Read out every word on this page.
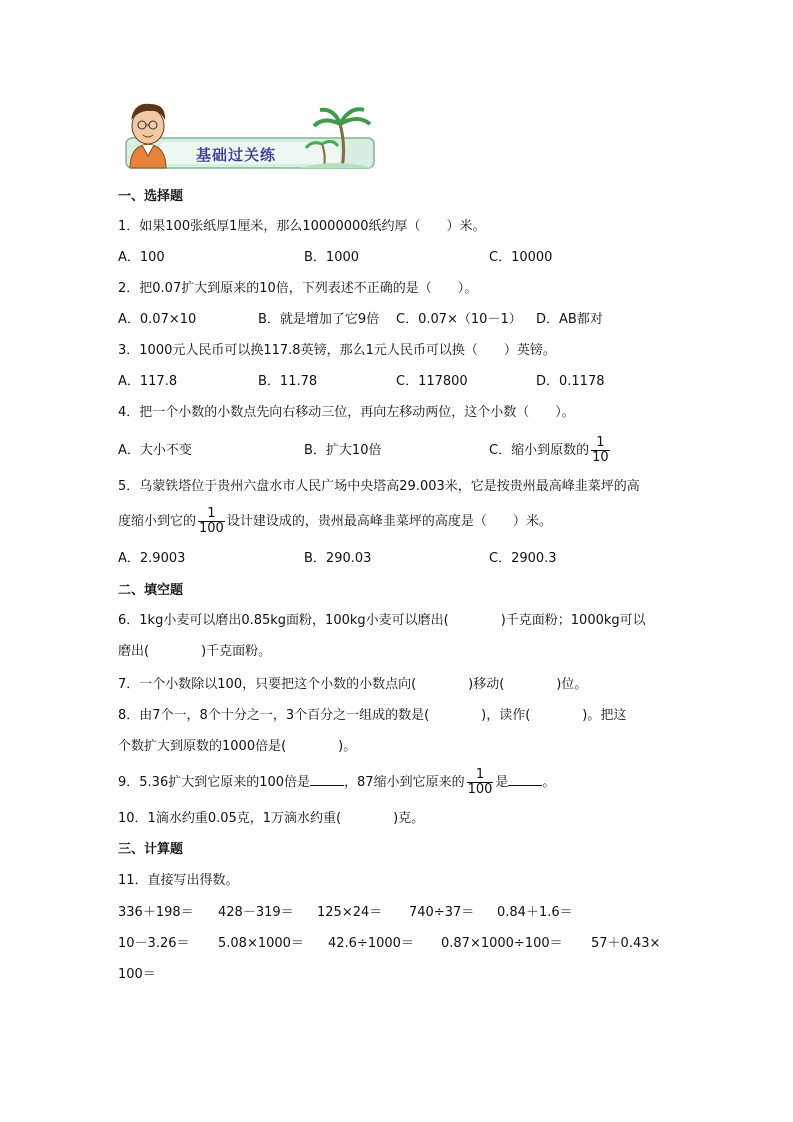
基础过关练
一、选择题
1．如果100张纸厚1厘米，那么10000000纸约厚（　　）米。
A．100	B．1000	C．10000
2．把0.07扩大到原来的10倍，下列表述不正确的是（　　）。
A．0.07×10	B．就是增加了它9倍 C．0.07×（10－1） D．AB都对
3．1000元人民币可以换117.8英镑，那么1元人民币可以换（　　）英镑。
A．117.8	B．11.78	C．117800	D．0.1178
4．把一个小数的小数点先向右移动三位，再向左移动两位，这个小数（　　）。
A．大小不变	B．扩大10倍	C．缩小到原数的 $\frac{1}{10}$
5．乌蒙铁塔位于贵州六盘水市人民广场中央塔高29.003米，它是按贵州最高峰韭菜坪的高
度缩小到它的 $\frac{1}{100}$ 设计建设成的，贵州最高峰韭菜坪的高度是（　　）米。
A．2.9003	B．290.03	C．2900.3
二、填空题
6．1kg小麦可以磨出0.85kg面粉，100kg小麦可以磨出(　　　　)千克面粉；1000kg可以
磨出(　　　　)千克面粉。
7．一个小数除以100，只要把这个小数的小数点向(　　　　)移动(　　　　)位。
8．由7个一，8个十分之一，3个百分之一组成的数是(　　　　)，读作(　　　　)。把这
个数扩大到原数的1000倍是(　　　　)。
9．5.36扩大到它原来的100倍是	，87缩小到它原来的 $\frac{1}{100}$ 是	。
10．1滴水约重0.05克，1万滴水约重(　　　　)克。
三、计算题
11．直接写出得数。
336＋198＝ 428－319＝ 125×24＝ 740÷37＝ 0.84＋1.6＝
10－3.26＝ 5.08×1000＝ 42.6÷1000＝ 0.87×1000÷100＝ 57＋0.43×
100＝
